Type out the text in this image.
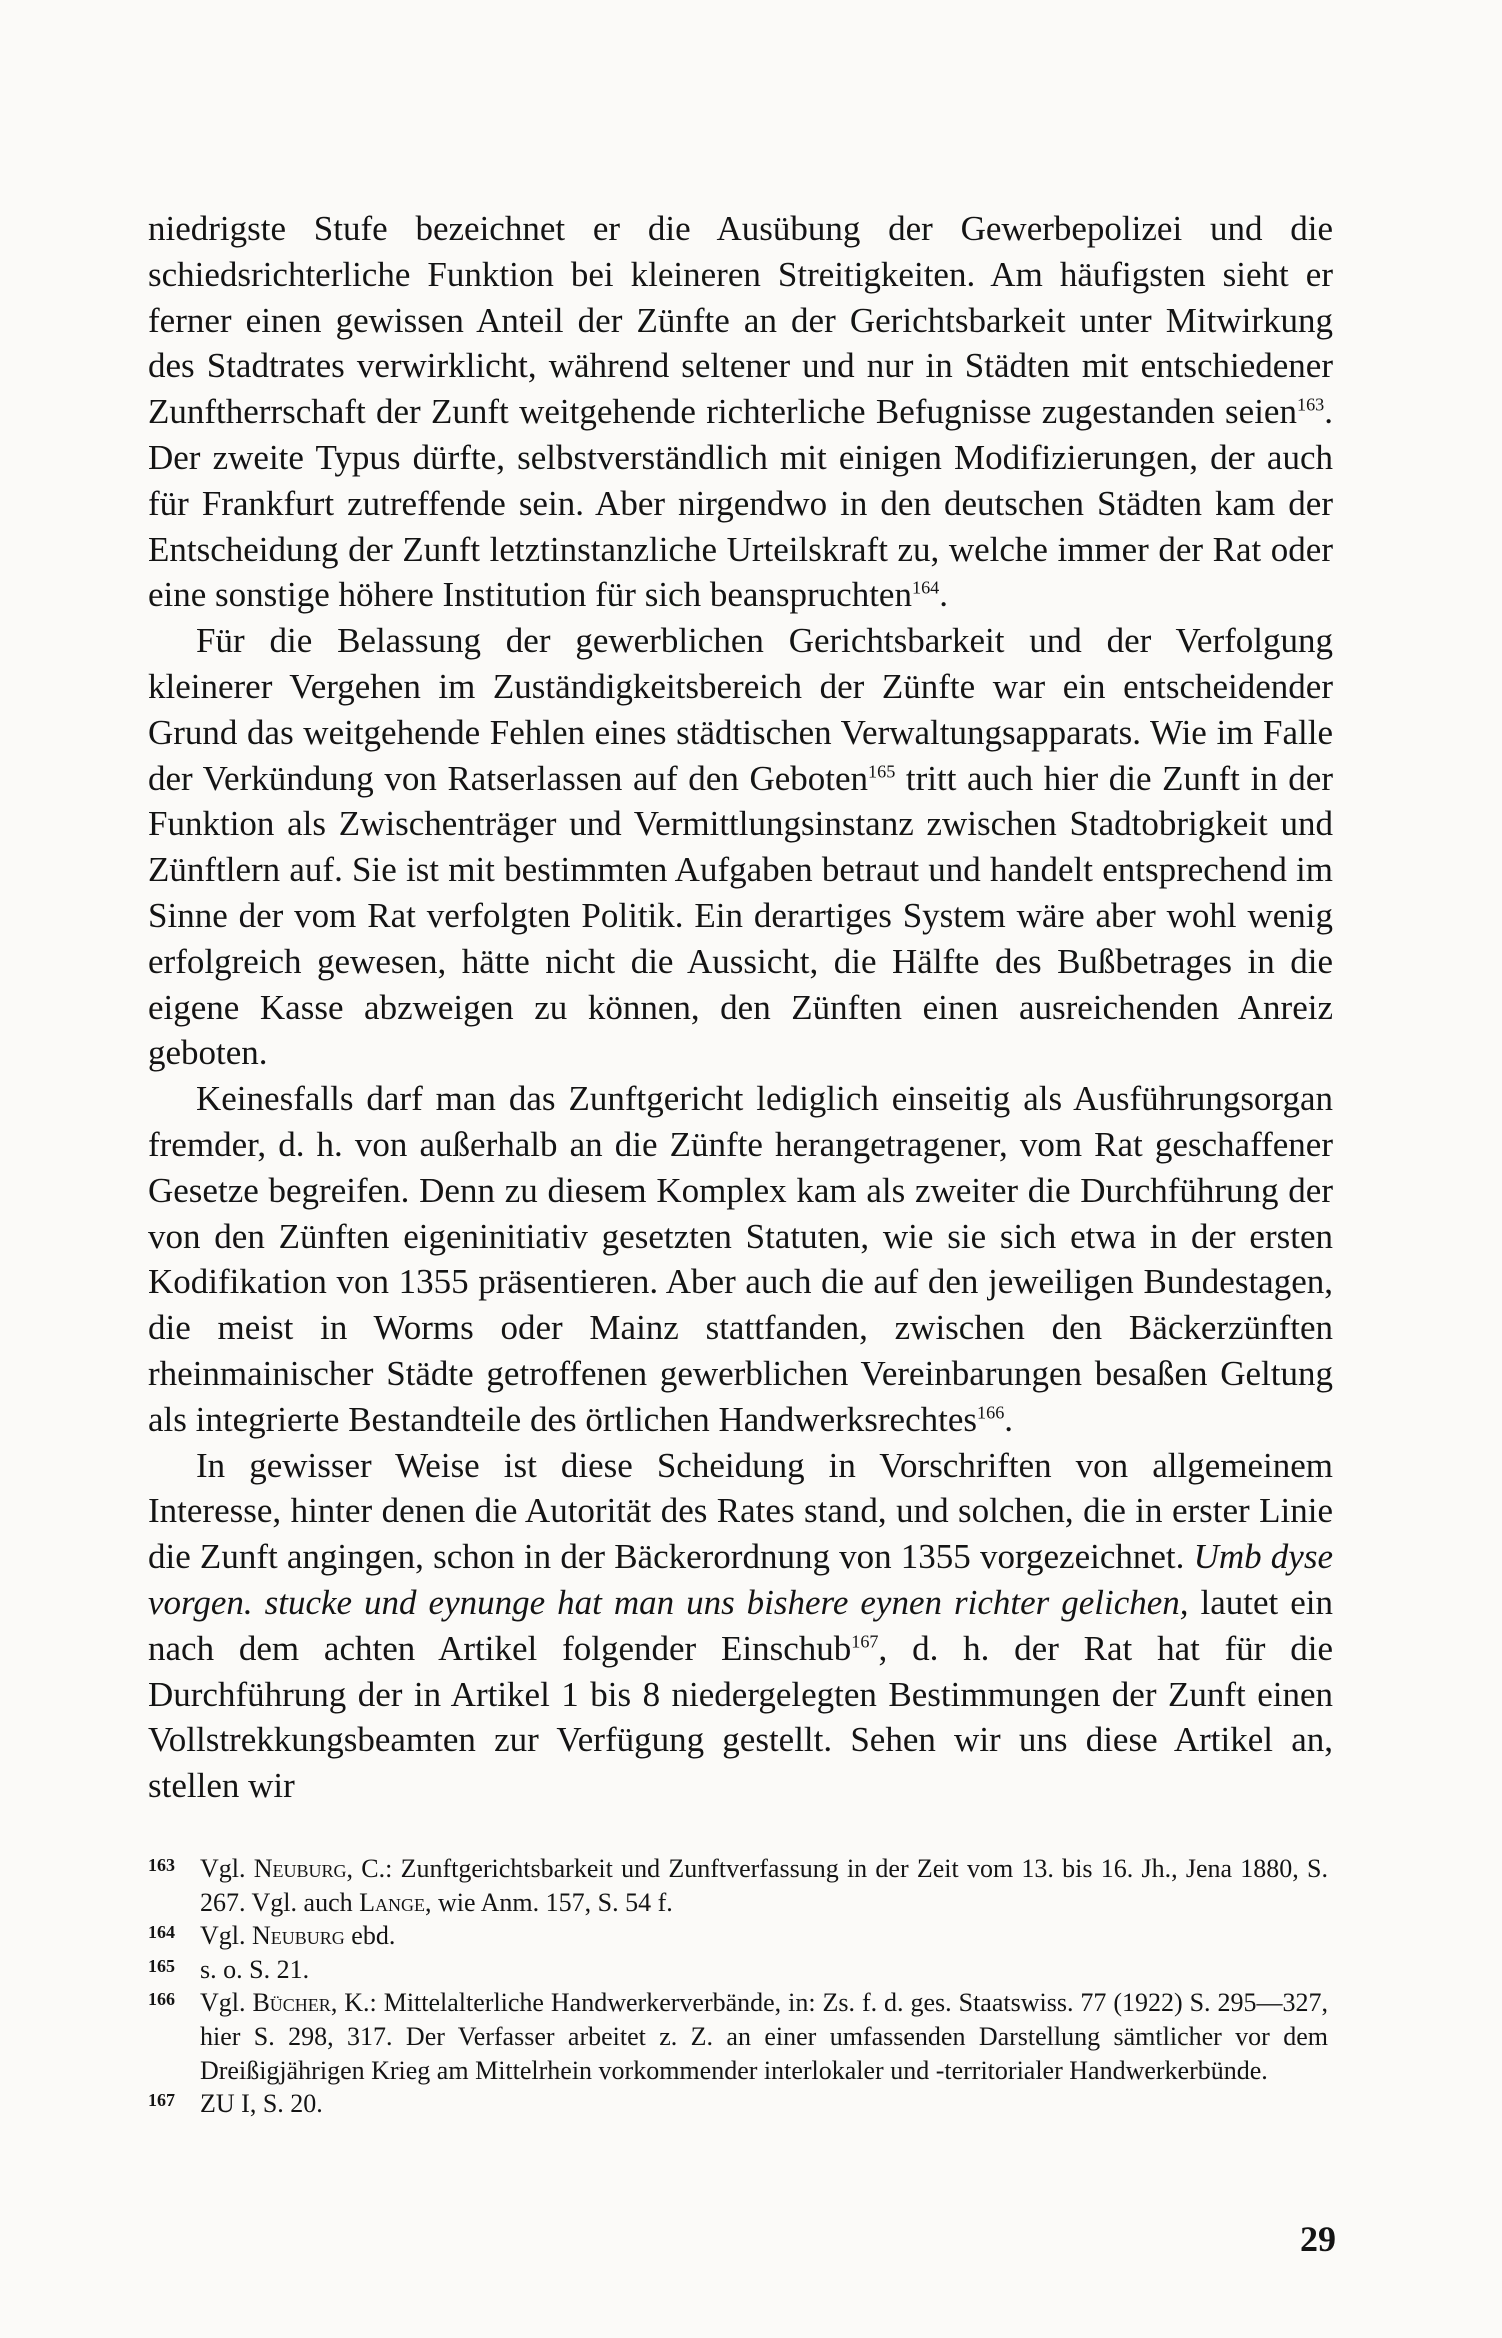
niedrigste Stufe bezeichnet er die Ausübung der Gewerbepolizei und die schiedsrichterliche Funktion bei kleineren Streitigkeiten. Am häufigsten sieht er ferner einen gewissen Anteil der Zünfte an der Gerichtsbarkeit unter Mitwirkung des Stadtrates verwirklicht, während seltener und nur in Städten mit entschiedener Zunftherrschaft der Zunft weitgehende richterliche Befugnisse zugestanden seien$^{163}$. Der zweite Typus dürfte, selbstverständlich mit einigen Modifizierungen, der auch für Frankfurt zutreffende sein. Aber nirgendwo in den deutschen Städten kam der Entscheidung der Zunft letztinstanzliche Urteilskraft zu, welche immer der Rat oder eine sonstige höhere Institution für sich beanspruchten$^{164}$.

Für die Belassung der gewerblichen Gerichtsbarkeit und der Verfolgung kleinerer Vergehen im Zuständigkeitsbereich der Zünfte war ein entscheidender Grund das weitgehende Fehlen eines städtischen Verwaltungsapparats. Wie im Falle der Verkündung von Ratserlassen auf den Geboten$^{165}$ tritt auch hier die Zunft in der Funktion als Zwischenträger und Vermittlungsinstanz zwischen Stadtobrigkeit und Zünftlern auf. Sie ist mit bestimmten Aufgaben betraut und handelt entsprechend im Sinne der vom Rat verfolgten Politik. Ein derartiges System wäre aber wohl wenig erfolgreich gewesen, hätte nicht die Aussicht, die Hälfte des Bußbetrages in die eigene Kasse abzweigen zu können, den Zünften einen ausreichenden Anreiz geboten.

Keinesfalls darf man das Zunftgericht lediglich einseitig als Ausführungsorgan fremder, d. h. von außerhalb an die Zünfte herangetragener, vom Rat geschaffener Gesetze begreifen. Denn zu diesem Komplex kam als zweiter die Durchführung der von den Zünften eigeninitiativ gesetzten Statuten, wie sie sich etwa in der ersten Kodifikation von 1355 präsentieren. Aber auch die auf den jeweiligen Bundestagen, die meist in Worms oder Mainz stattfanden, zwischen den Bäckerzünften rheinmainischer Städte getroffenen gewerblichen Vereinbarungen besaßen Geltung als integrierte Bestandteile des örtlichen Handwerksrechtes$^{166}$.

In gewisser Weise ist diese Scheidung in Vorschriften von allgemeinem Interesse, hinter denen die Autorität des Rates stand, und solchen, die in erster Linie die Zunft angingen, schon in der Bäckerordnung von 1355 vorgezeichnet. Umb dyse vorgen. stucke und eynunge hat man uns bishere eynen richter gelichen, lautet ein nach dem achten Artikel folgender Einschub$^{167}$, d. h. der Rat hat für die Durchführung der in Artikel 1 bis 8 niedergelegten Bestimmungen der Zunft einen Vollstrekkungsbeamten zur Verfügung gestellt. Sehen wir uns diese Artikel an, stellen wir

163 Vgl. Neuburg, C.: Zunftgerichtsbarkeit und Zunftverfassung in der Zeit vom 13. bis 16. Jh., Jena 1880, S. 267. Vgl. auch Lange, wie Anm. 157, S. 54 f.
164 Vgl. Neuburg ebd.
165 s. o. S. 21.
166 Vgl. Bücher, K.: Mittelalterliche Handwerkerverbände, in: Zs. f. d. ges. Staatswiss. 77 (1922) S. 295—327, hier S. 298, 317. Der Verfasser arbeitet z. Z. an einer umfassenden Darstellung sämtlicher vor dem Dreißigjährigen Krieg am Mittelrhein vorkommender interlokaler und -territorialer Handwerkerbünde.
167 ZU I, S. 20.
29
